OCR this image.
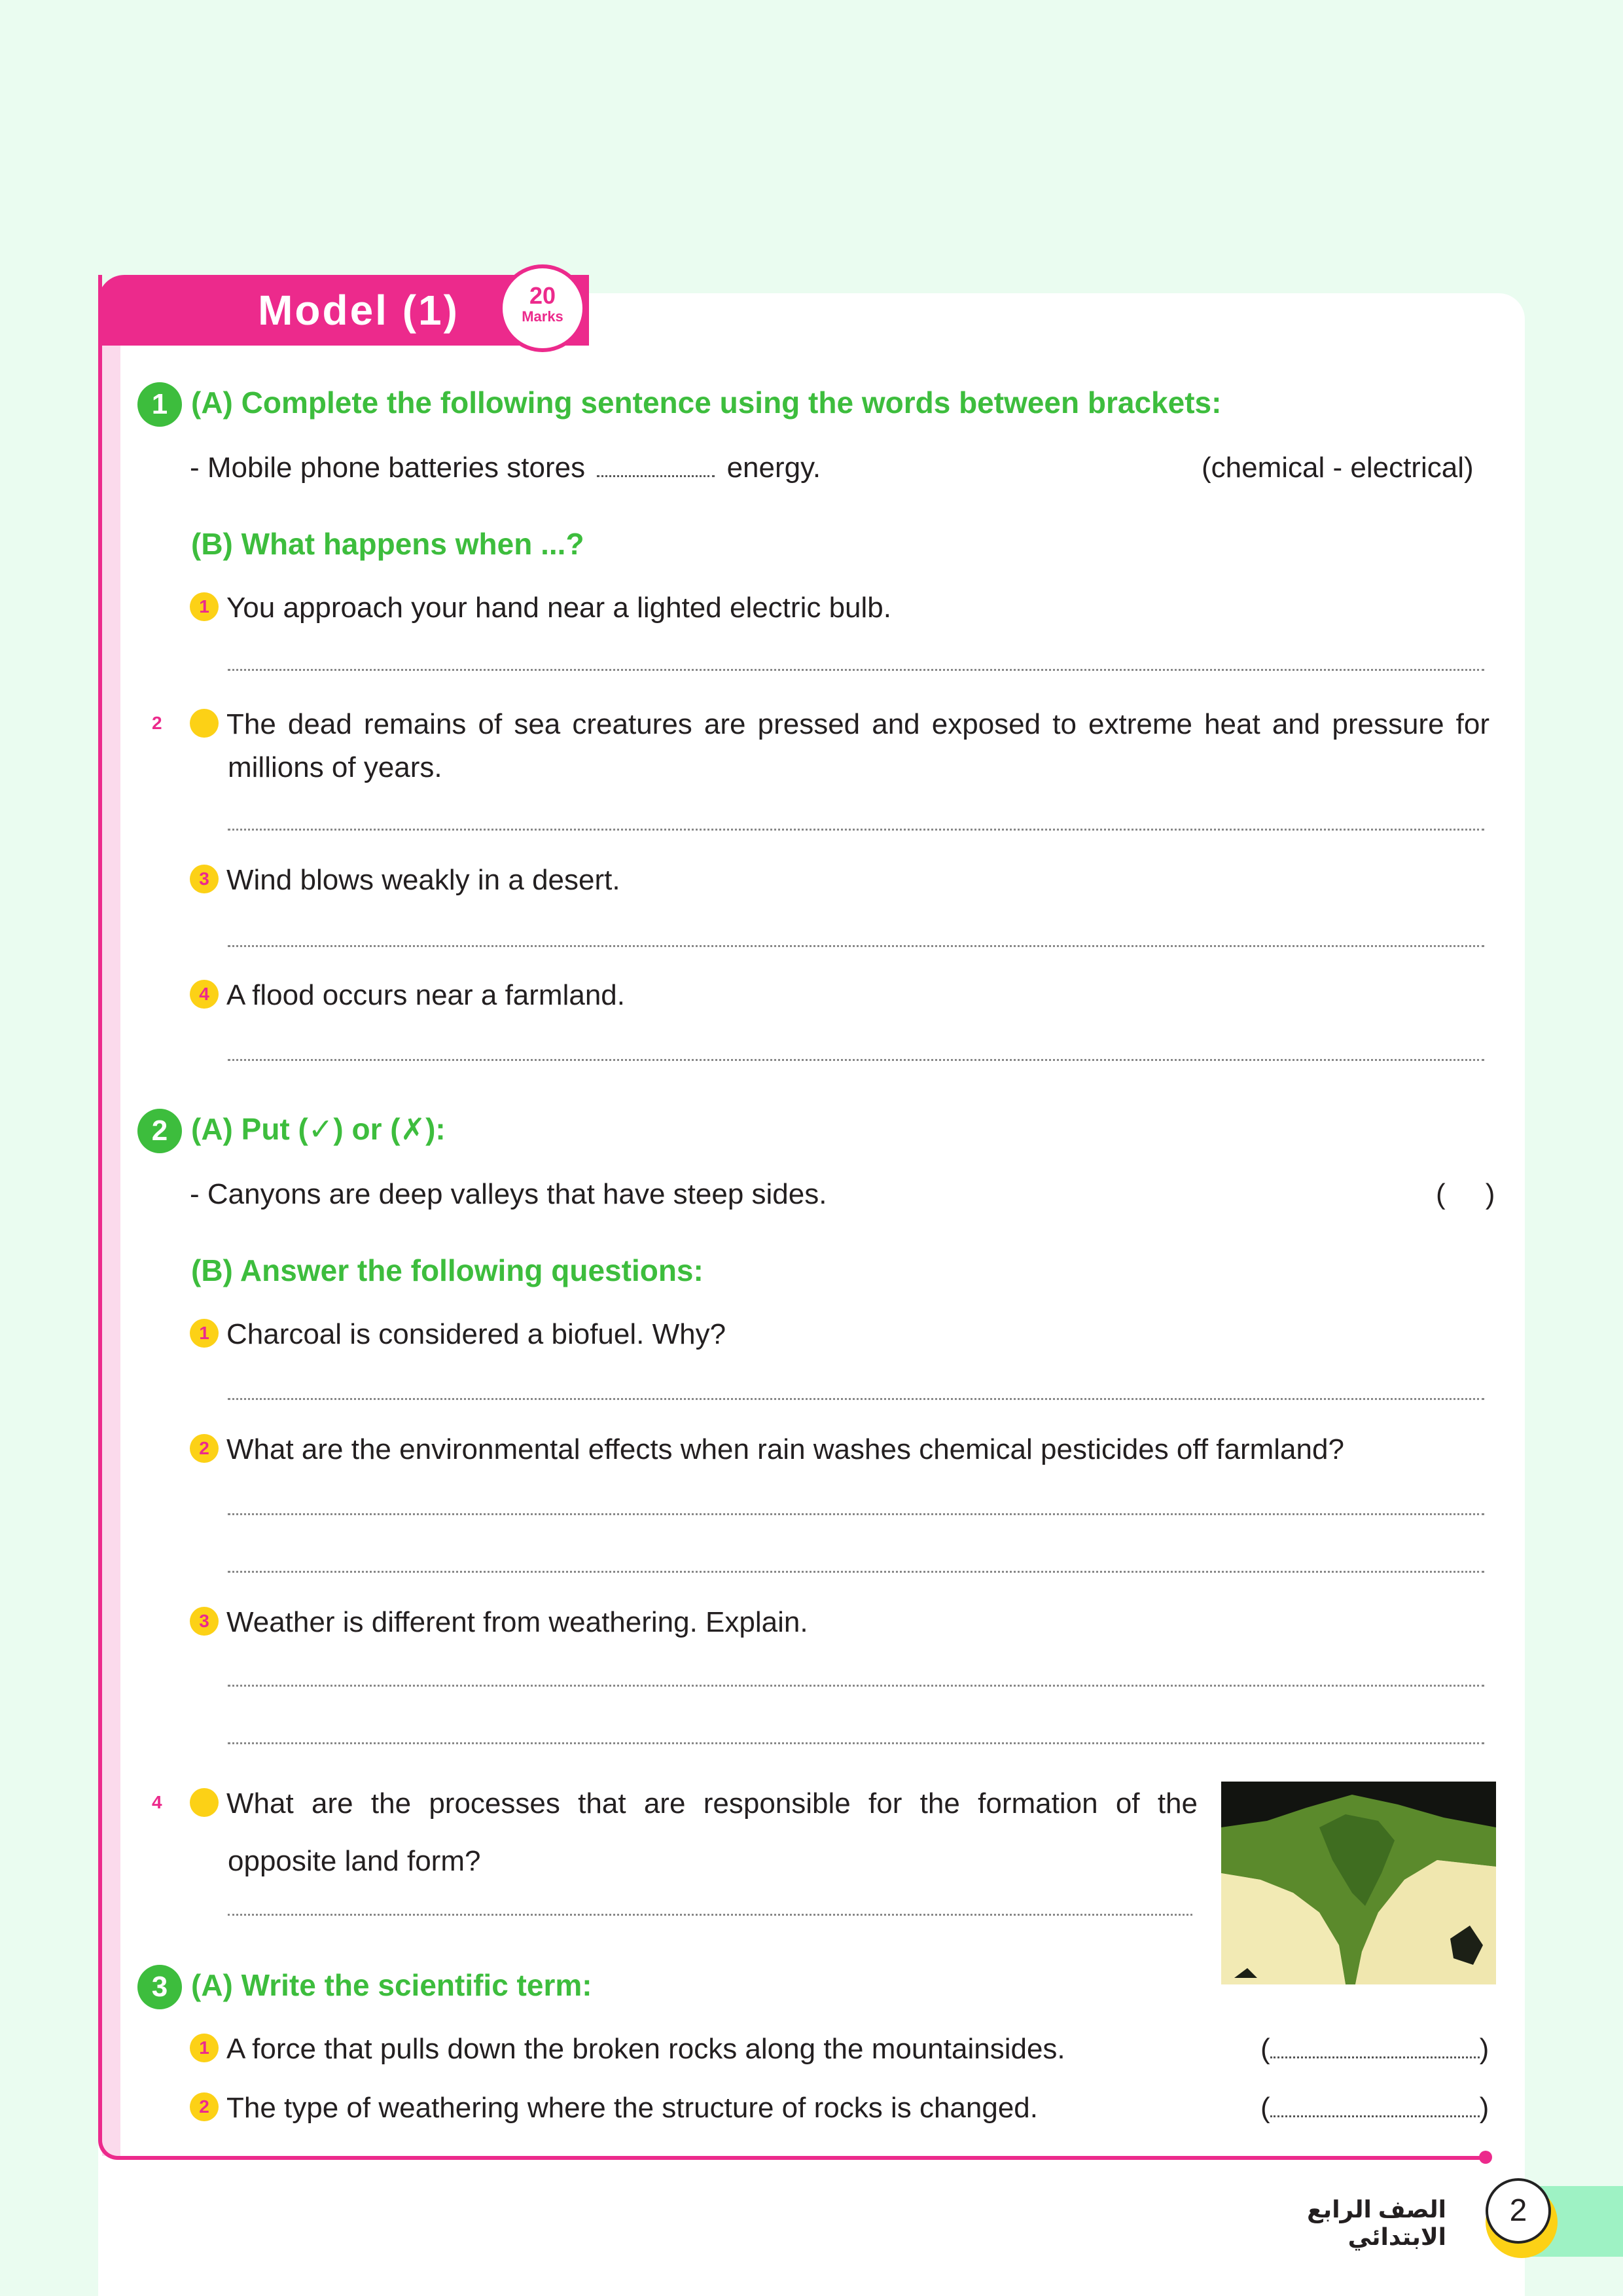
Model (1)	20
Marks
1 (A) Complete the following sentence using the words between brackets:
- Mobile phone batteries stores	energy.	(chemical - electrical)
(B) What happens when ...?
1 You approach your hand near a lighted electric bulb.
2 The dead remains of sea creatures are pressed and exposed to extreme heat and pressure for millions of years.
3 Wind blows weakly in a desert.
4 A flood occurs near a farmland.
2 (A) Put (✓) or (✗):
- Canyons are deep valleys that have steep sides.	(     )
(B) Answer the following questions:
1 Charcoal is considered a biofuel. Why?
2 What are the environmental effects when rain washes chemical pesticides off farmland?
3 Weather is different from weathering. Explain.
4 What are the processes that are responsible for the formation of the opposite land form?
3 (A) Write the scientific term:
1 A force that pulls down the broken rocks along the mountainsides.	(	)
2 The type of weathering where the structure of rocks is changed.	(	)
الصف الرابع الابتدائي
2
